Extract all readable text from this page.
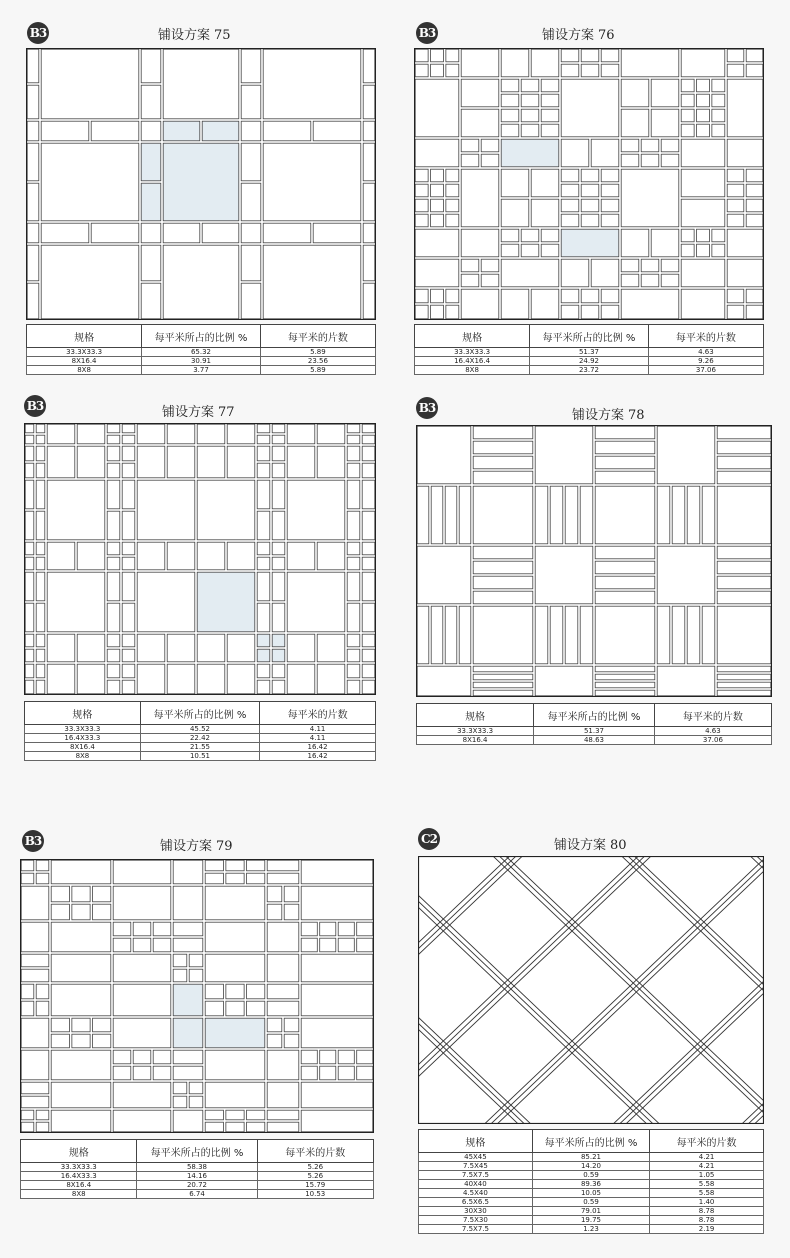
B3	铺设方案 75
规格	每平米所占的比例 %	每平米的片数
33.3X33.3	65.32	5.89
8X16.4	30.91	23.56
8X8	3.77	5.89
B3	铺设方案 76
规格	每平米所占的比例 %	每平米的片数
33.3X33.3	51.37	4.63
16.4X16.4	24.92	9.26
8X8	23.72	37.06
B3	铺设方案 77
规格	每平米所占的比例 %	每平米的片数
33.3X33.3	45.52	4.11
16.4X33.3	22.42	4.11
8X16.4	21.55	16.42
8X8	10.51	16.42
B3	铺设方案 78
规格	每平米所占的比例 %	每平米的片数
33.3X33.3	51.37	4.63
8X16.4	48.63	37.06
B3	铺设方案 79
规格	每平米所占的比例 %	每平米的片数
33.3X33.3	58.38	5.26
16.4X33.3	14.16	5.26
8X16.4	20.72	15.79
8X8	6.74	10.53
C2	铺设方案 80
规格	每平米所占的比例 %	每平米的片数
45X45	85.21	4.21
7.5X45	14.20	4.21
7.5X7.5	0.59	1.05
40X40	89.36	5.58
4.5X40	10.05	5.58
6.5X6.5	0.59	1.40
30X30	79.01	8.78
7.5X30	19.75	8.78
7.5X7.5	1.23	2.19
